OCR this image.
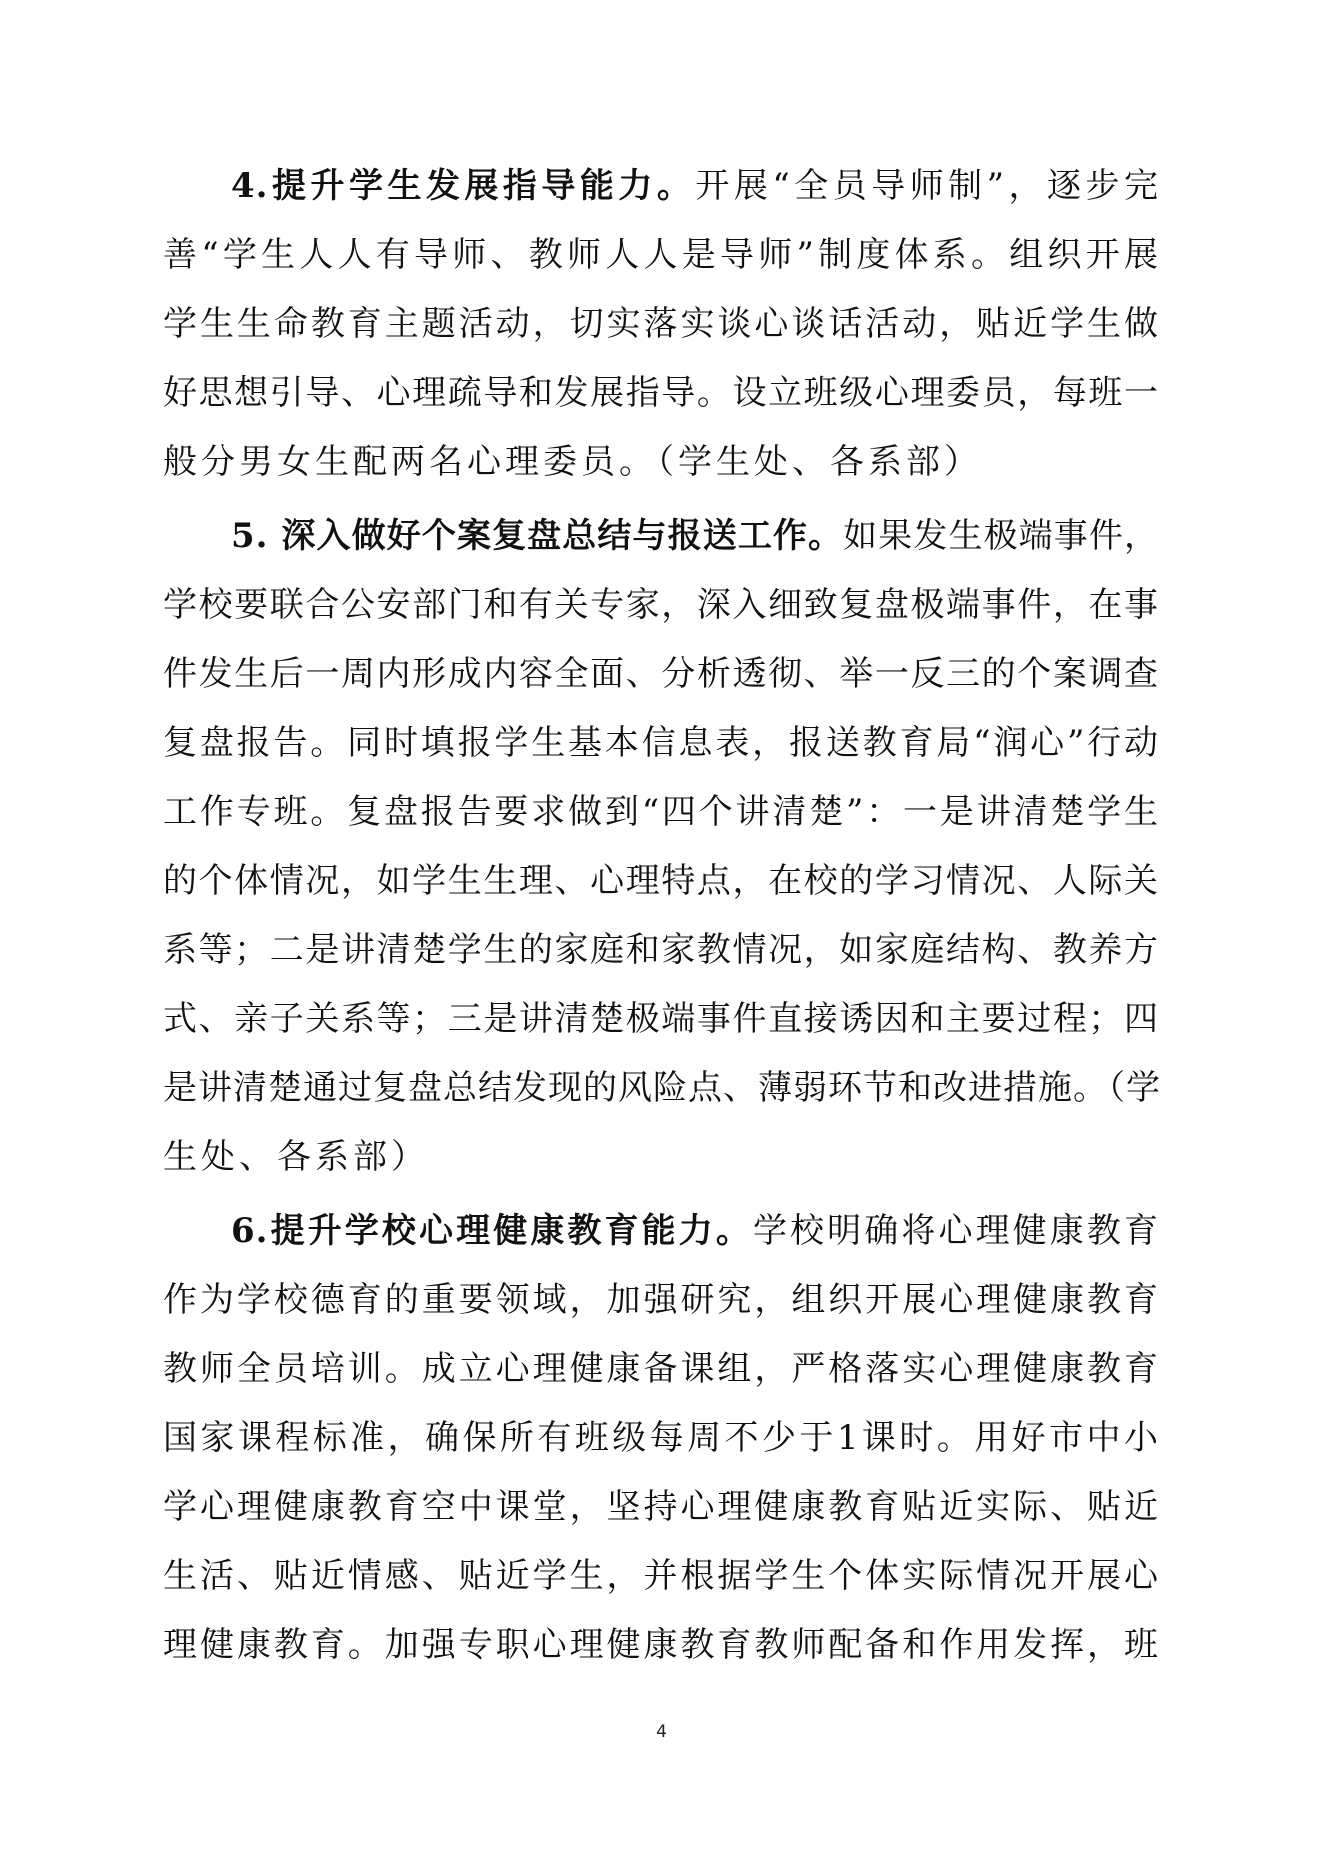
4.提升学生发展指导能力。开展“全员导师制”，逐步完
善“学生人人有导师、教师人人是导师”制度体系。组织开展
学生生命教育主题活动，切实落实谈心谈话活动，贴近学生做
好思想引导、心理疏导和发展指导。设立班级心理委员，每班一
般分男女生配两名心理委员。（学生处、各系部）
5. 深入做好个案复盘总结与报送工作。如果发生极端事件，
学校要联合公安部门和有关专家，深入细致复盘极端事件，在事
件发生后一周内形成内容全面、分析透彻、举一反三的个案调查
复盘报告。同时填报学生基本信息表，报送教育局“润心”行动
工作专班。复盘报告要求做到“四个讲清楚”：一是讲清楚学生
的个体情况，如学生生理、心理特点，在校的学习情况、人际关
系等；二是讲清楚学生的家庭和家教情况，如家庭结构、教养方
式、亲子关系等；三是讲清楚极端事件直接诱因和主要过程；四
是讲清楚通过复盘总结发现的风险点、薄弱环节和改进措施。（学
生处、各系部）
6.提升学校心理健康教育能力。学校明确将心理健康教育
作为学校德育的重要领域，加强研究，组织开展心理健康教育
教师全员培训。成立心理健康备课组，严格落实心理健康教育
国家课程标准，确保所有班级每周不少于1课时。用好市中小
学心理健康教育空中课堂，坚持心理健康教育贴近实际、贴近
生活、贴近情感、贴近学生，并根据学生个体实际情况开展心
理健康教育。加强专职心理健康教育教师配备和作用发挥，班
4
